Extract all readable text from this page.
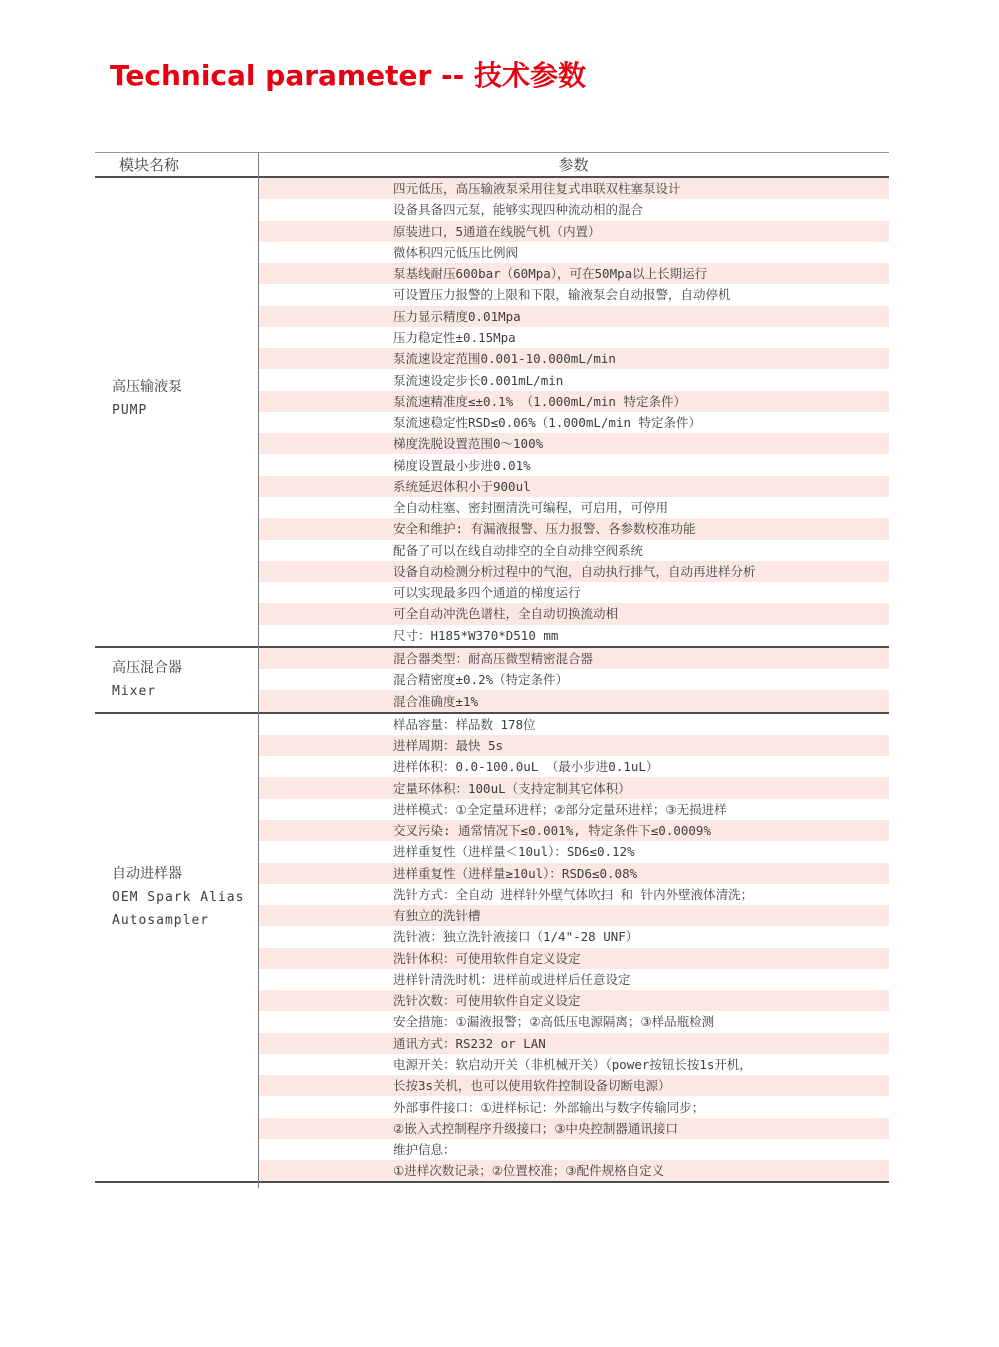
Technical parameter -- 技术参数
模块名称	参数
高压输液泵
PUMP
四元低压，高压输液泵采用往复式串联双柱塞泵设计
设备具备四元泵，能够实现四种流动相的混合
原装进口，5通道在线脱气机（内置）
微体积四元低压比例阀
泵基线耐压600bar（60Mpa），可在50Mpa以上长期运行
可设置压力报警的上限和下限，输液泵会自动报警，自动停机
压力显示精度0.01Mpa
压力稳定性±0.15Mpa
泵流速设定范围0.001-10.000mL/min
泵流速设定步长0.001mL/min
泵流速精准度≤±0.1% （1.000mL/min 特定条件）
泵流速稳定性RSD≤0.06%（1.000mL/min 特定条件）
梯度洗脱设置范围0～100%
梯度设置最小步进0.01%
系统延迟体积小于900ul
全自动柱塞、密封圈清洗可编程，可启用，可停用
安全和维护: 有漏液报警、压力报警、各参数校准功能
配备了可以在线自动排空的全自动排空阀系统
设备自动检测分析过程中的气泡，自动执行排气，自动再进样分析
可以实现最多四个通道的梯度运行
可全自动冲洗色谱柱，全自动切换流动相
尺寸：H185*W370*D510 mm
高压混合器
Mixer
混合器类型：耐高压微型精密混合器
混合精密度±0.2%（特定条件）
混合准确度±1%
自动进样器
OEM Spark Alias
Autosampler
样品容量：样品数 178位
进样周期：最快 5s
进样体积：0.0-100.0uL （最小步进0.1uL）
定量环体积：100uL（支持定制其它体积）
进样模式：①全定量环进样；②部分定量环进样；③无损进样
交叉污染: 通常情况下≤0.001%, 特定条件下≤0.0009%
进样重复性（进样量＜10ul）：SD6≤0.12%
进样重复性（进样量≥10ul）：RSD6≤0.08%
洗针方式：全自动 进样针外壁气体吹扫 和 针内外壁液体清洗；
有独立的洗针槽
洗针液：独立洗针液接口（1/4"-28 UNF）
洗针体积：可使用软件自定义设定
进样针清洗时机：进样前或进样后任意设定
洗针次数：可使用软件自定义设定
安全措施：①漏液报警；②高低压电源隔离；③样品瓶检测
通讯方式：RS232 or LAN
电源开关：软启动开关（非机械开关）（power按钮长按1s开机，
长按3s关机，也可以使用软件控制设备切断电源）
外部事件接口：①进样标记：外部输出与数字传输同步；
②嵌入式控制程序升级接口；③中央控制器通讯接口
维护信息：
①进样次数记录；②位置校准；③配件规格自定义
